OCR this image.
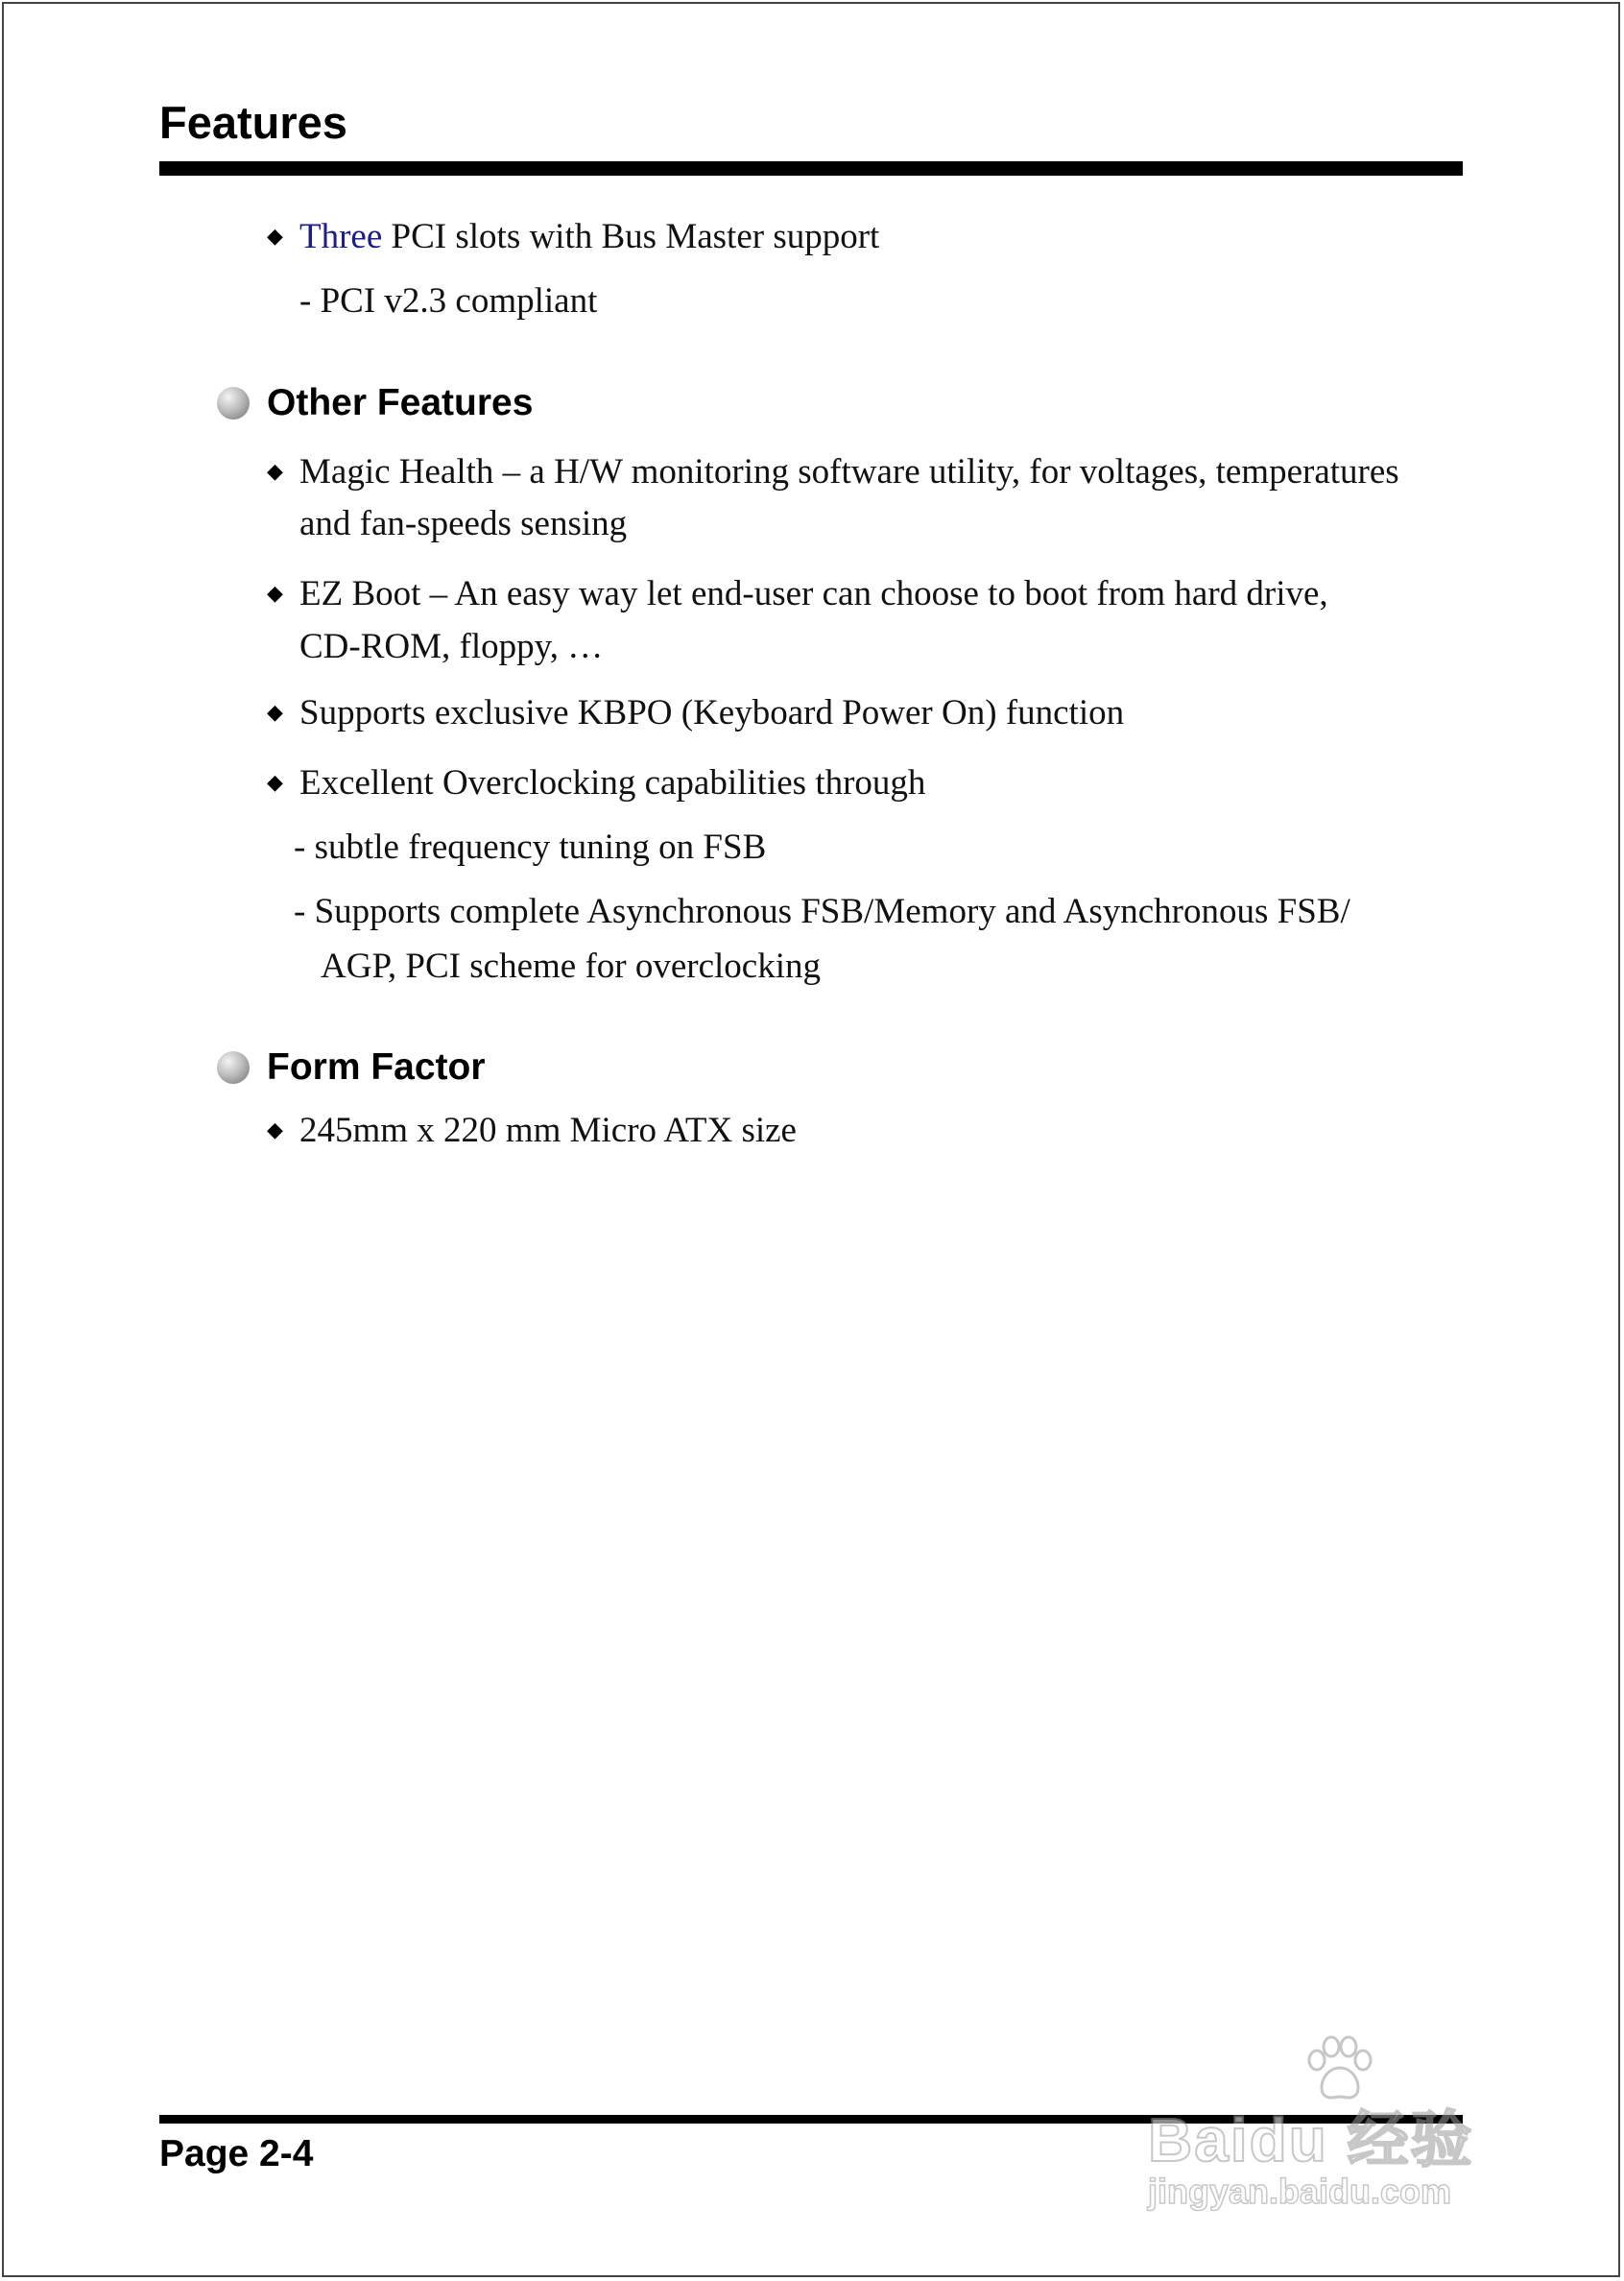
Features
◆ Three PCI slots with Bus Master support
- PCI v2.3 compliant
Other Features
◆ Magic Health – a H/W monitoring software utility, for voltages, temperatures
and fan-speeds sensing
◆ EZ Boot – An easy way let end-user can choose to boot from hard drive,
CD-ROM, floppy, …
◆ Supports exclusive KBPO (Keyboard Power On) function
◆ Excellent Overclocking capabilities through
- subtle frequency tuning on FSB
- Supports complete Asynchronous FSB/Memory and Asynchronous FSB/
AGP, PCI scheme for overclocking
Form Factor
◆ 245mm x 220 mm Micro ATX size
Page 2-4	Baidu 经验
jingyan.baidu.com
